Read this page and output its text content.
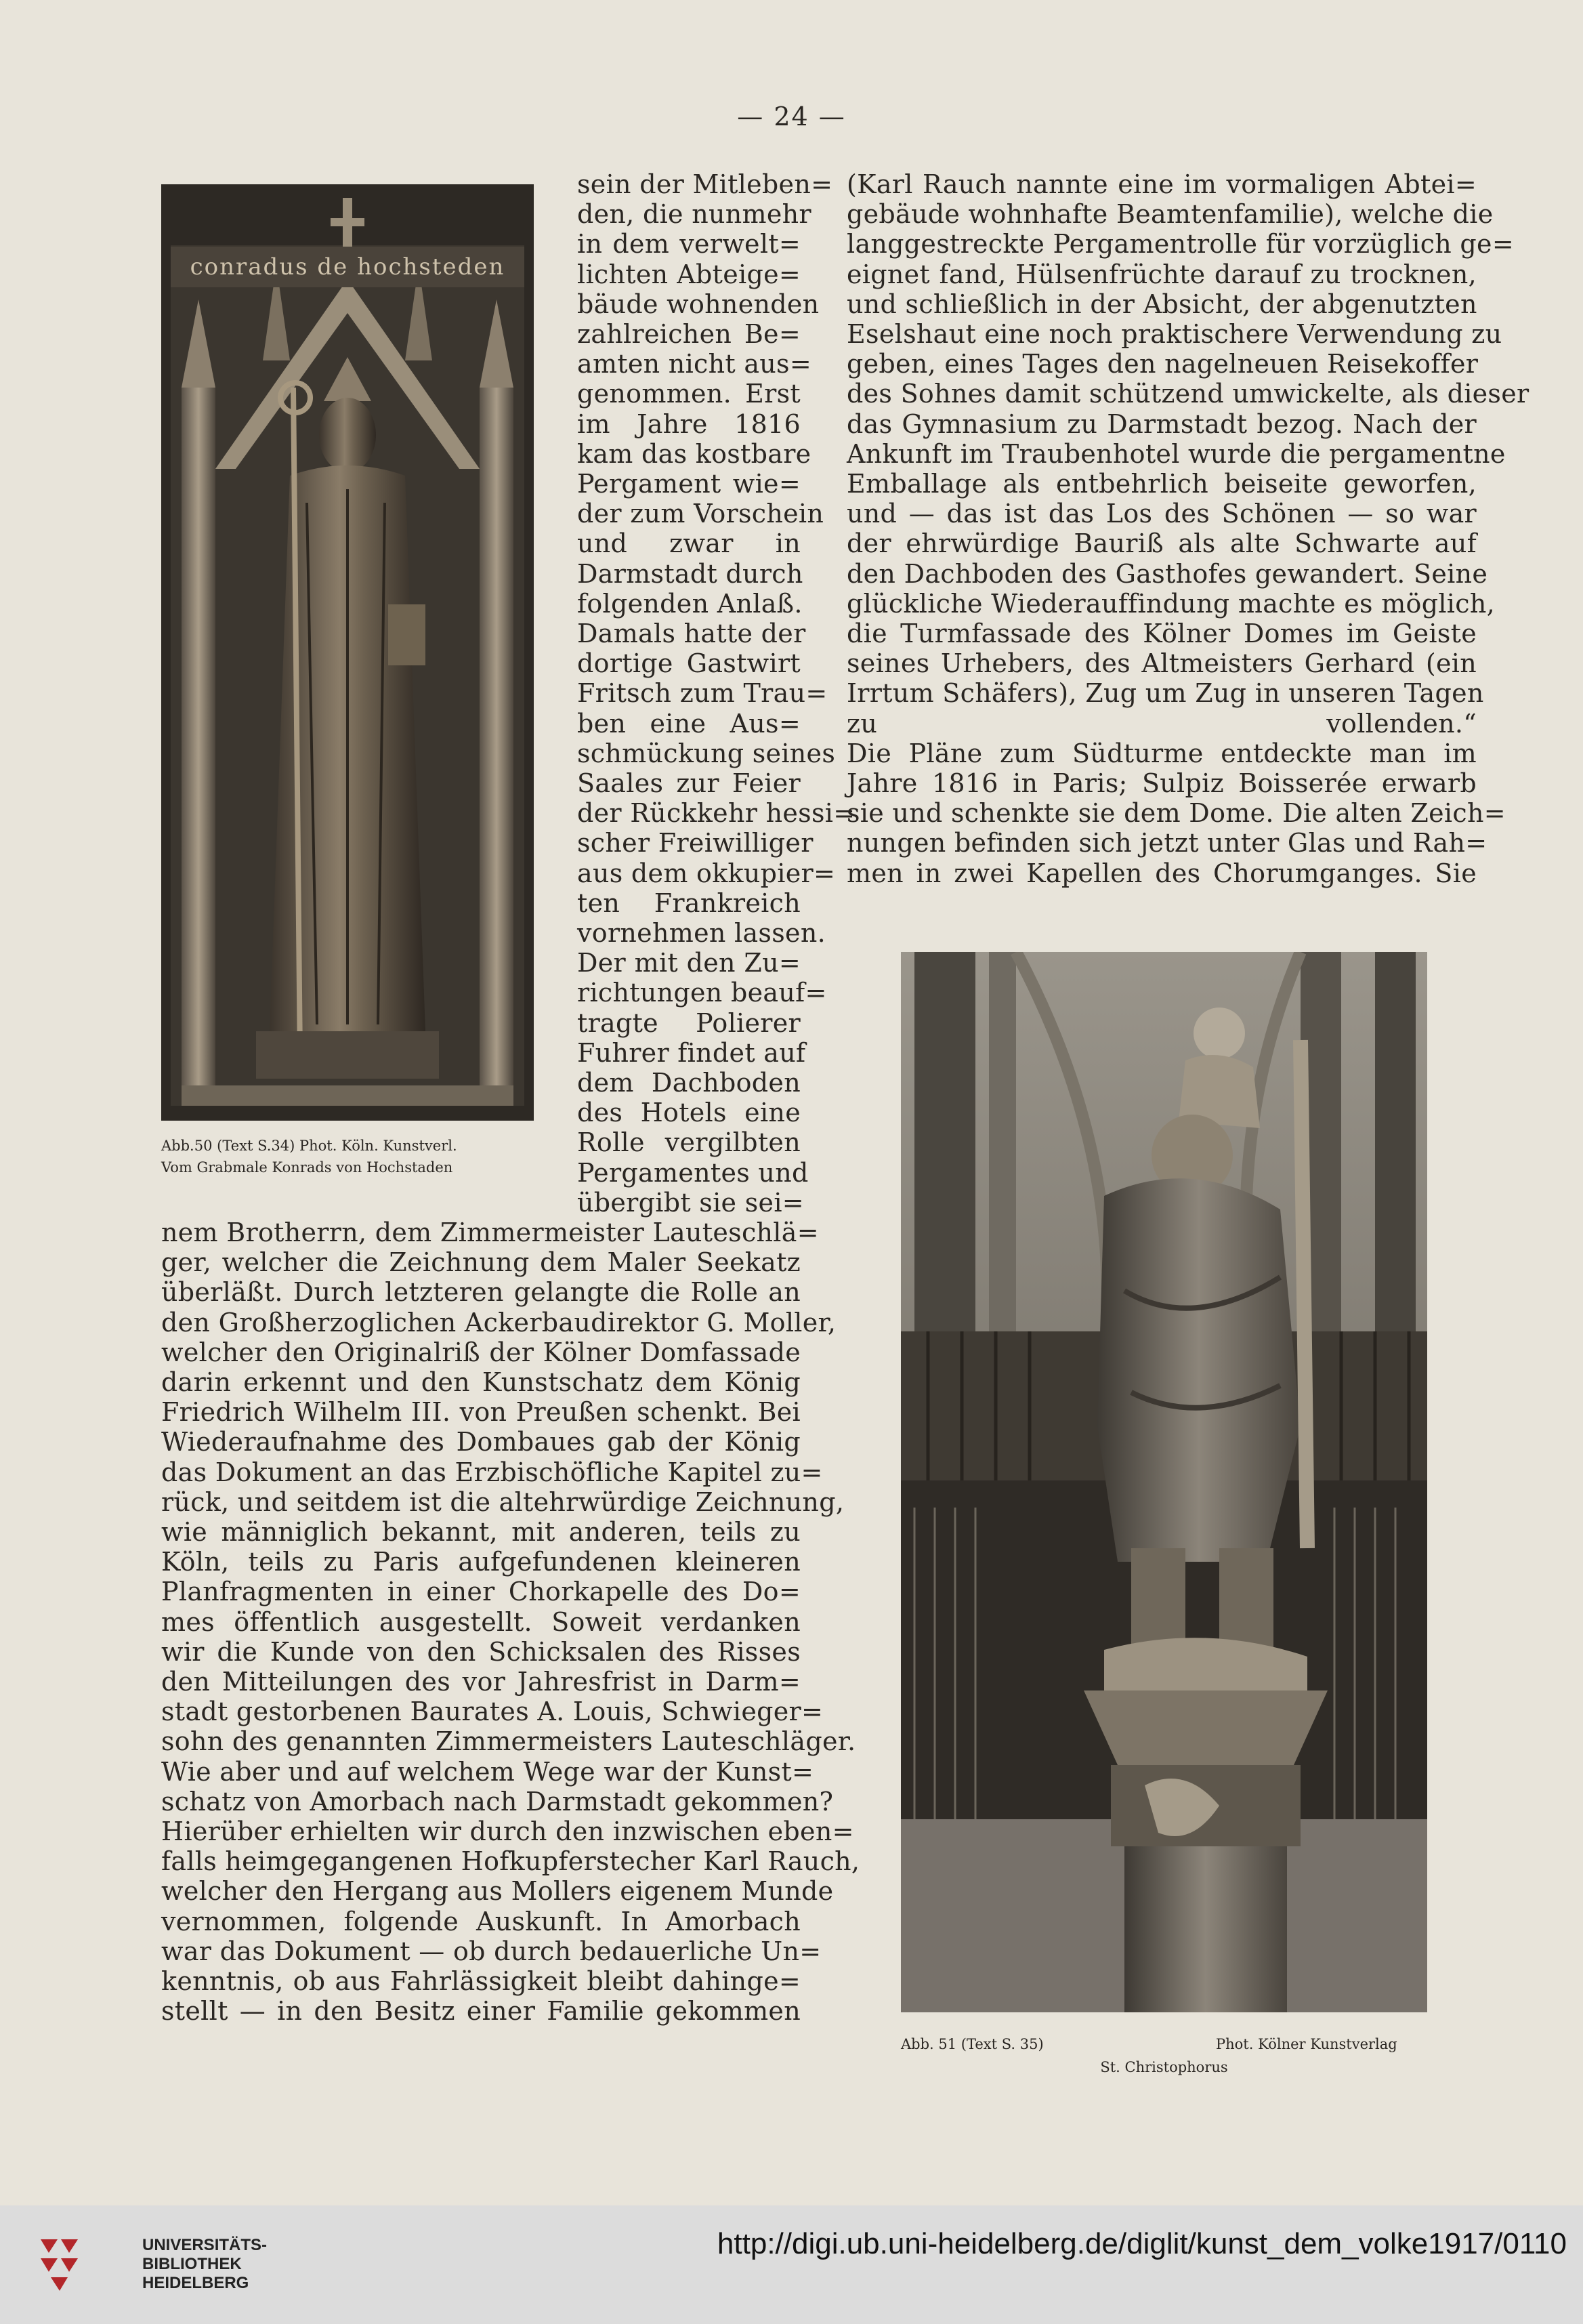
— 24 —
sein der Mitleben=
den, die nunmehr
in dem verwelt=
lichten Abteige=
bäude wohnenden
zahlreichen Be=
amten nicht aus=
genommen. Erst
im Jahre 1816
kam das kostbare
Pergament wie=
der zum Vorschein
und zwar in
Darmstadt durch
folgenden Anlaß.
Damals hatte der
dortige Gastwirt
Fritsch zum Trau=
ben eine Aus=
schmückung seines
Saales zur Feier
der Rückkehr hessi=
scher Freiwilliger
aus dem okkupier=
ten Frankreich
vornehmen lassen.
Der mit den Zu=
richtungen beauf=
tragte Polierer
Fuhrer findet auf
dem Dachboden
des Hotels eine
Rolle vergilbten
Pergamentes und
übergibt sie sei=
nem Brotherrn, dem Zimmermeister Lauteschlä=
ger, welcher die Zeichnung dem Maler Seekatz
überläßt. Durch letzteren gelangte die Rolle an
den Großherzoglichen Ackerbaudirektor G. Moller,
welcher den Originalriß der Kölner Domfassade
darin erkennt und den Kunstschatz dem König
Friedrich Wilhelm III. von Preußen schenkt. Bei
Wiederaufnahme des Dombaues gab der König
das Dokument an das Erzbischöfliche Kapitel zu=
rück, und seitdem ist die altehrwürdige Zeichnung,
wie männiglich bekannt, mit anderen, teils zu
Köln, teils zu Paris aufgefundenen kleineren
Planfragmenten in einer Chorkapelle des Do=
mes öffentlich ausgestellt. Soweit verdanken
wir die Kunde von den Schicksalen des Risses
den Mitteilungen des vor Jahresfrist in Darm=
stadt gestorbenen Baurates A. Louis, Schwieger=
sohn des genannten Zimmermeisters Lauteschläger.
Wie aber und auf welchem Wege war der Kunst=
schatz von Amorbach nach Darmstadt gekommen?
Hierüber erhielten wir durch den inzwischen eben=
falls heimgegangenen Hofkupferstecher Karl Rauch,
welcher den Hergang aus Mollers eigenem Munde
vernommen, folgende Auskunft. In Amorbach
war das Dokument — ob durch bedauerliche Un=
kenntnis, ob aus Fahrlässigkeit bleibt dahinge=
stellt — in den Besitz einer Familie gekommen
(Karl Rauch nannte eine im vormaligen Abtei=
gebäude wohnhafte Beamtenfamilie), welche die
langgestreckte Pergamentrolle für vorzüglich ge=
eignet fand, Hülsenfrüchte darauf zu trocknen,
und schließlich in der Absicht, der abgenutzten
Eselshaut eine noch praktischere Verwendung zu
geben, eines Tages den nagelneuen Reisekoffer
des Sohnes damit schützend umwickelte, als dieser
das Gymnasium zu Darmstadt bezog. Nach der
Ankunft im Traubenhotel wurde die pergamentne
Emballage als entbehrlich beiseite geworfen,
und — das ist das Los des Schönen — so war
der ehrwürdige Bauriß als alte Schwarte auf
den Dachboden des Gasthofes gewandert. Seine
glückliche Wiederauffindung machte es möglich,
die Turmfassade des Kölner Domes im Geiste
seines Urhebers, des Altmeisters Gerhard (ein
Irrtum Schäfers), Zug um Zug in unseren Tagen
zu vollenden.“
Die Pläne zum Südturme entdeckte man im
Jahre 1816 in Paris; Sulpiz Boisserée erwarb
sie und schenkte sie dem Dome. Die alten Zeich=
nungen befinden sich jetzt unter Glas und Rah=
men in zwei Kapellen des Chorumganges. Sie
conradus de hochsteden
Abb.50 (Text S.34) Phot. Köln. Kunstverl.
Vom Grabmale Konrads von Hochstaden
Abb. 51 (Text S. 35)	Phot. Kölner Kunstverlag
St. Christophorus
UNIVERSITÄTS-
BIBLIOTHEK
HEIDELBERG
http://digi.ub.uni-heidelberg.de/diglit/kunst_dem_volke1917/0110
